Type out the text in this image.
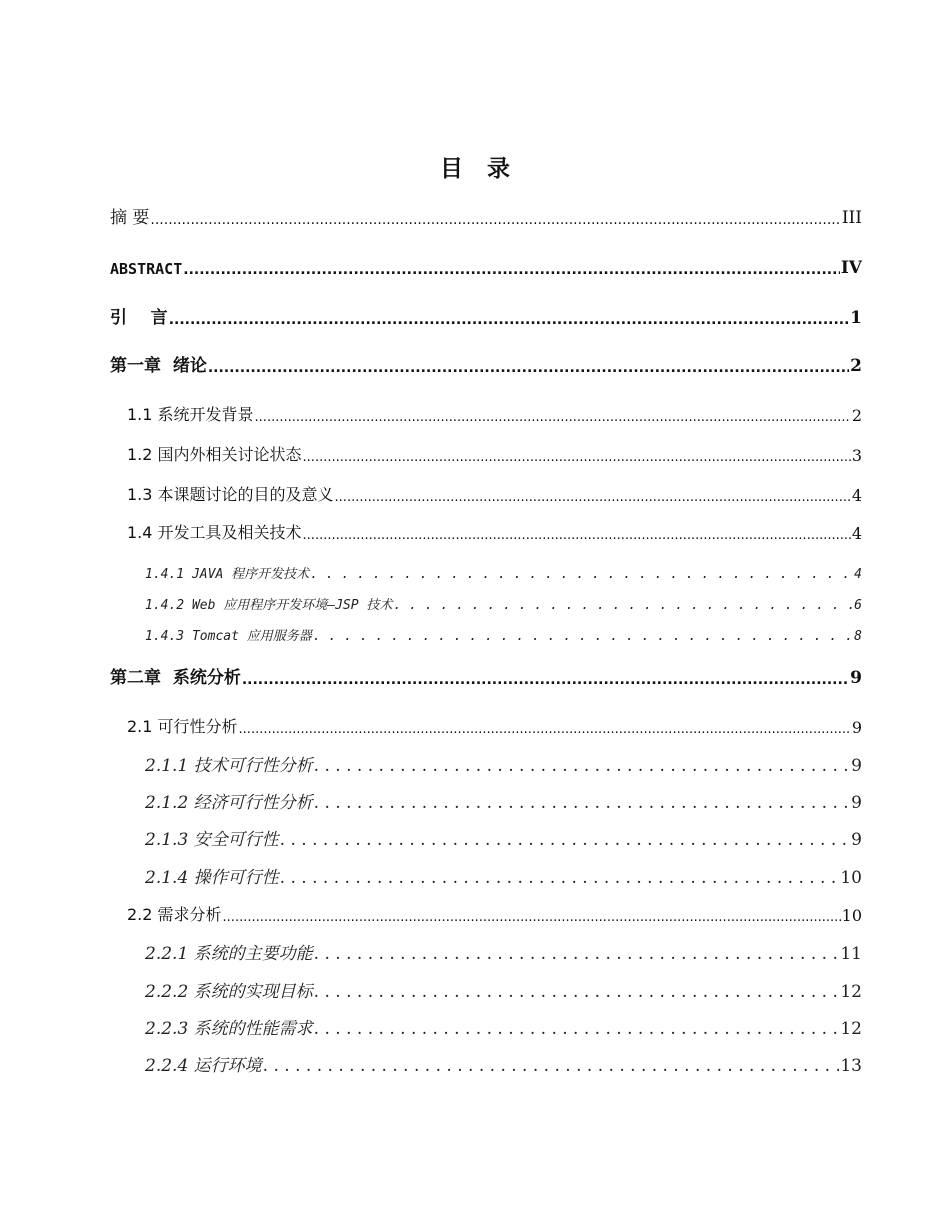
目 录
摘 要 .....	III
ABSTRACT .....	IV
引    言 .....	1
第一章  绪论 .....	2
1.1 系统开发背景 .....	2
1.2 国内外相关讨论状态 .....	3
1.3 本课题讨论的目的及意义 .....	4
1.4 开发工具及相关技术 .....	4
1.4.1 JAVA 程序开发技术 . . .	4
1.4.2 Web 应用程序开发环境—JSP 技术 . . .	6
1.4.3 Tomcat 应用服务器 . . .	8
第二章  系统分析 .....	9
2.1 可行性分析 .....	9
2.1.1 技术可行性分析 . . .	9
2.1.2 经济可行性分析 . . .	9
2.1.3 安全可行性 . . .	9
2.1.4 操作可行性 . . .	10
2.2 需求分析 .....	10
2.2.1 系统的主要功能 . . .	11
2.2.2 系统的实现目标 . . .	12
2.2.3 系统的性能需求 . . .	12
2.2.4 运行环境 . . .	13
